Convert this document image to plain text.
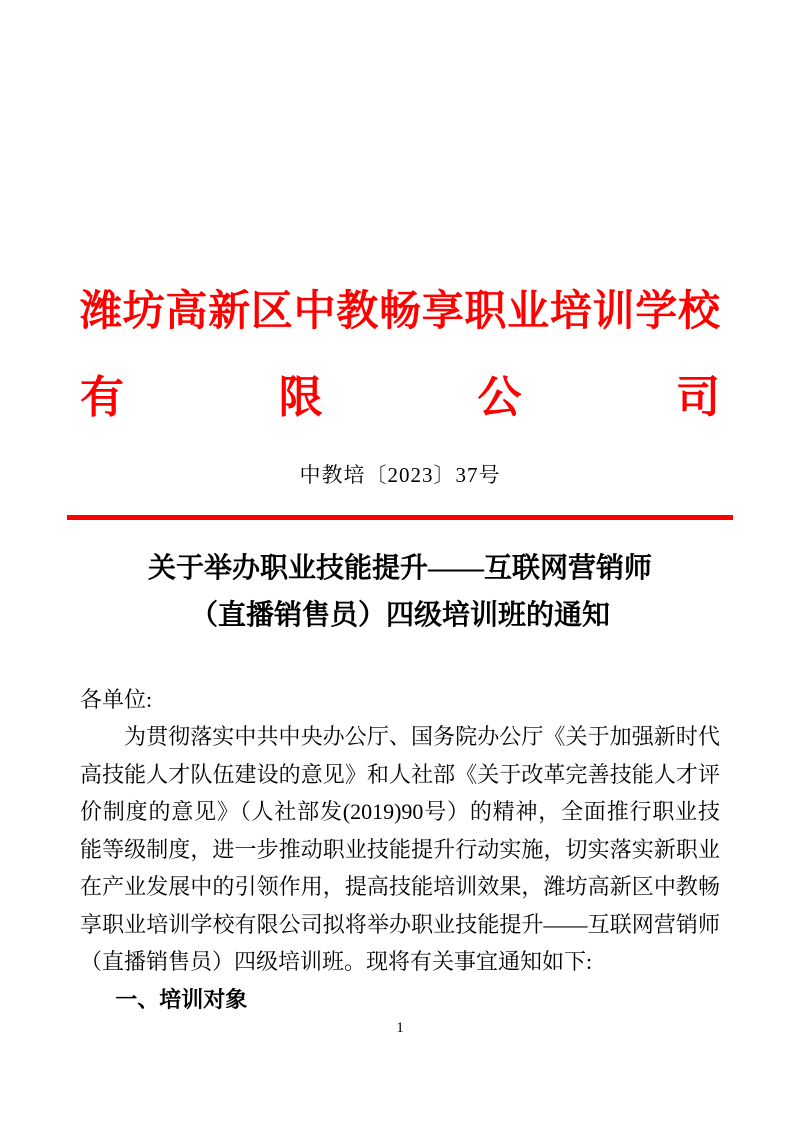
潍坊高新区中教畅享职业培训学校
有限公司
中教培〔2023〕37号
关于举办职业技能提升——互联网营销师
（直播销售员）四级培训班的通知

各单位:

为贯彻落实中共中央办公厅、国务院办公厅《关于加强新时代高技能人才队伍建设的意见》和人社部《关于改革完善技能人才评价制度的意见》（人社部发(2019)90号）的精神，全面推行职业技能等级制度，进一步推动职业技能提升行动实施，切实落实新职业在产业发展中的引领作用，提高技能培训效果，潍坊高新区中教畅享职业培训学校有限公司拟将举办职业技能提升——互联网营销师（直播销售员）四级培训班。现将有关事宜通知如下:

一、培训对象

1
